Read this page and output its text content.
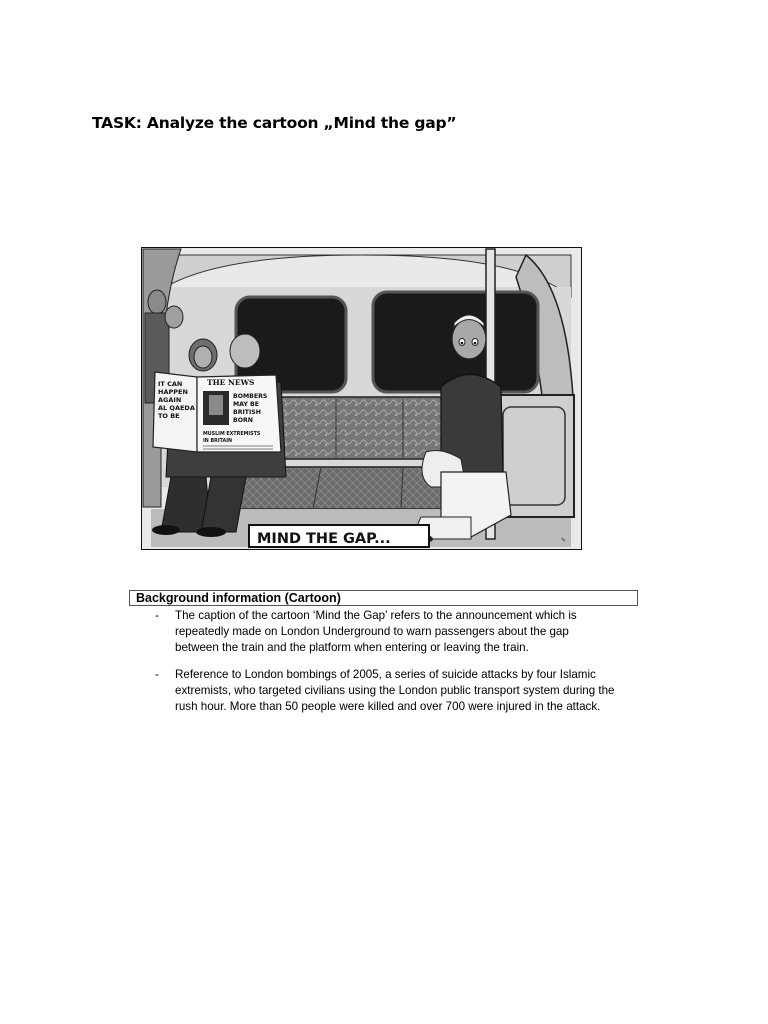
TASK: Analyze the cartoon „Mind the gap”
IT CAN
HAPPEN
AGAIN
AL QAEDA
TO BE
THE NEWS
BOMBERS
MAY BE
BRITISH
BORN
MUSLIM EXTREMISTS
IN BRITAIN
MIND THE GAP...	✎
Background information (Cartoon)
- The caption of the cartoon ‘Mind the Gap’ refers to the announcement which is
repeatedly made on London Underground to warn passengers about the gap
between the train and the platform when entering or leaving the train.
- Reference to London bombings of 2005, a series of suicide attacks by four Islamic
extremists, who targeted civilians using the London public transport system during the
rush hour. More than 50 people were killed and over 700 were injured in the attack.
